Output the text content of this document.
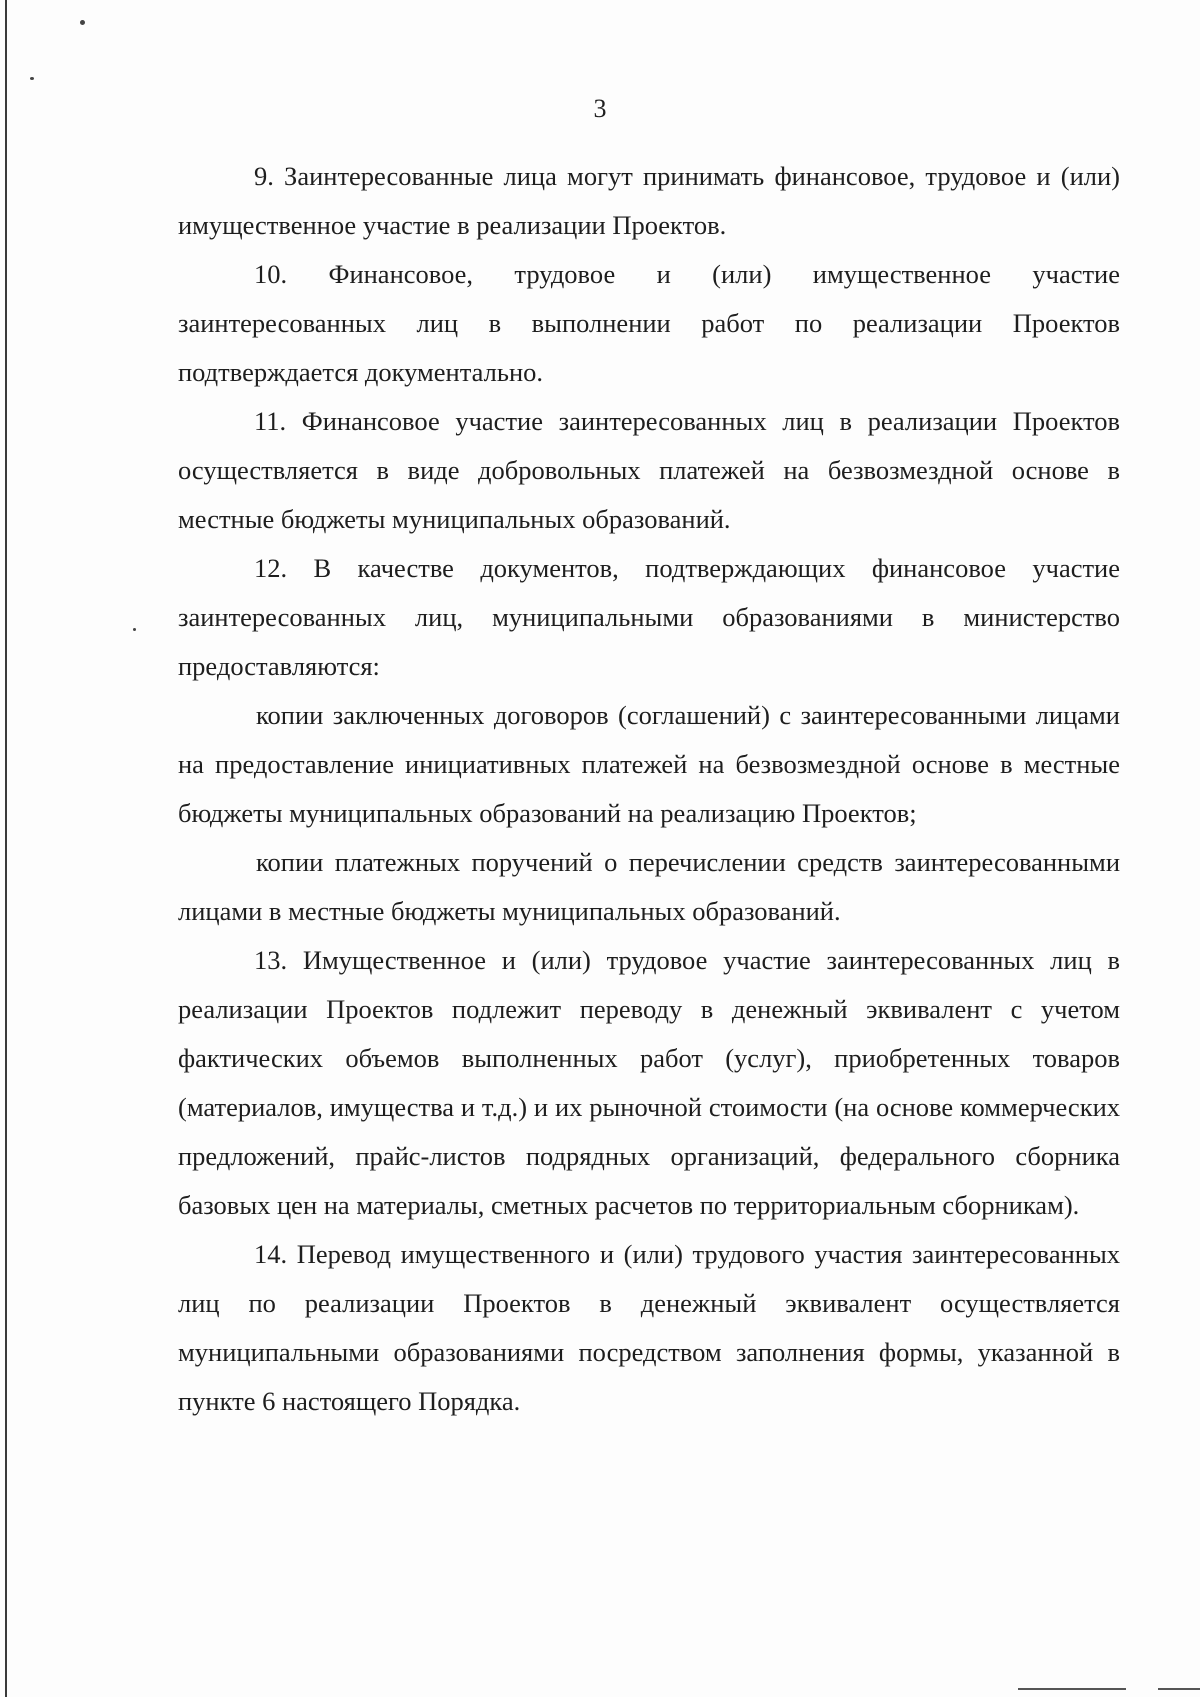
3

9. Заинтересованные лица могут принимать финансовое, трудовое и (или) имущественное участие в реализации Проектов.

10. Финансовое, трудовое и (или) имущественное участие заинтересованных лиц в выполнении работ по реализации Проектов подтверждается документально.

11. Финансовое участие заинтересованных лиц в реализации Проектов осуществляется в виде добровольных платежей на безвозмездной основе в местные бюджеты муниципальных образований.

12. В качестве документов, подтверждающих финансовое участие заинтересованных лиц, муниципальными образованиями в министерство предоставляются:

копии заключенных договоров (соглашений) с заинтересованными лицами на предоставление инициативных платежей на безвозмездной основе в местные бюджеты муниципальных образований на реализацию Проектов;

копии платежных поручений о перечислении средств заинтересованными лицами в местные бюджеты муниципальных образований.

13. Имущественное и (или) трудовое участие заинтересованных лиц в реализации Проектов подлежит переводу в денежный эквивалент с учетом фактических объемов выполненных работ (услуг), приобретенных товаров (материалов, имущества и т.д.) и их рыночной стоимости (на основе коммерческих предложений, прайс-листов подрядных организаций, федерального сборника базовых цен на материалы, сметных расчетов по территориальным сборникам).

14. Перевод имущественного и (или) трудового участия заинтересованных лиц по реализации Проектов в денежный эквивалент осуществляется муниципальными образованиями посредством заполнения формы, указанной в пункте 6 настоящего Порядка.
